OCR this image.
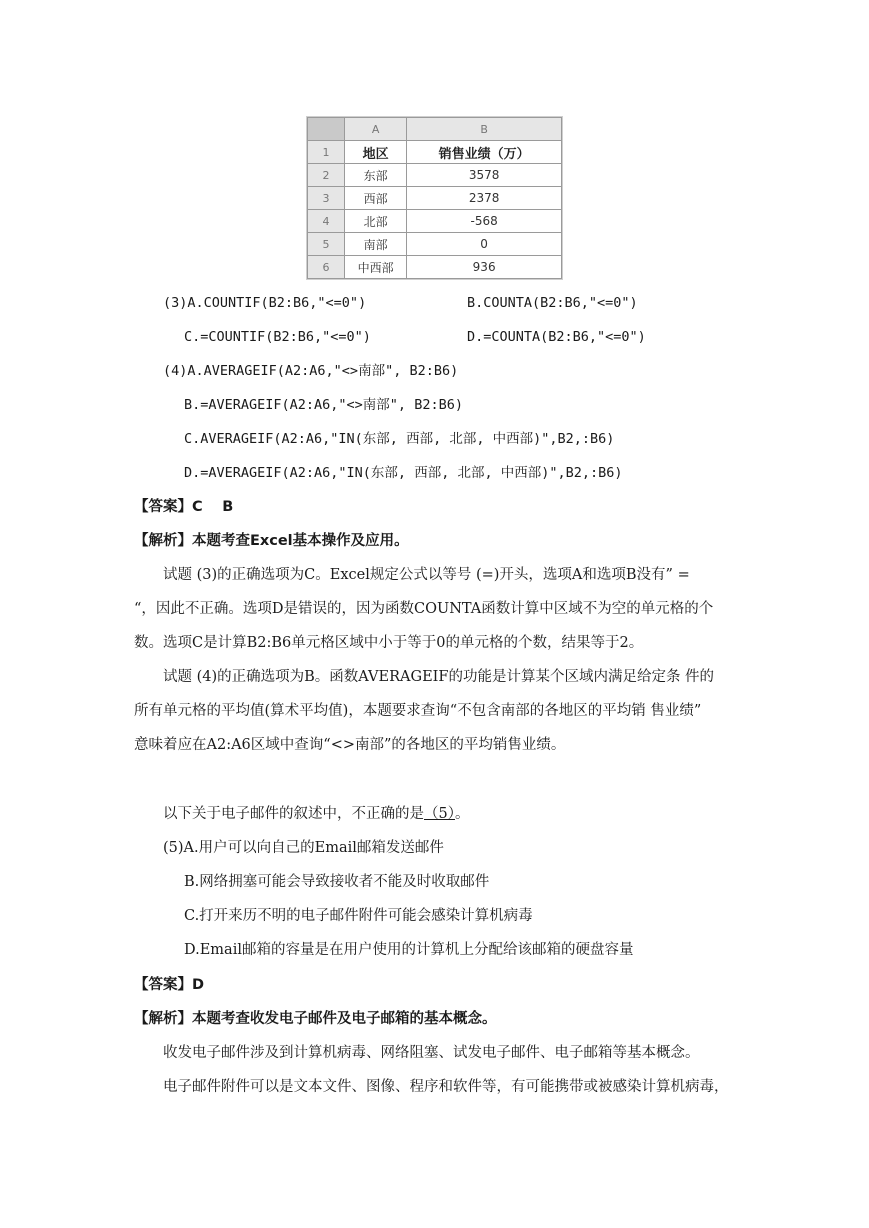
	A	B
1	地区	销售业绩（万）
2	东部	3578
3	西部	2378
4	北部	-568
5	南部	0
6	中西部	936
(3)A.COUNTIF(B2:B6,"<=0")	B.COUNTA(B2:B6,"<=0")
C.=COUNTIF(B2:B6,"<=0")	D.=COUNTA(B2:B6,"<=0")
(4)A.AVERAGEIF(A2:A6,"<>南部", B2:B6)
B.=AVERAGEIF(A2:A6,"<>南部", B2:B6)
C.AVERAGEIF(A2:A6,"IN(东部, 西部, 北部, 中西部)",B2,:B6)
D.=AVERAGEIF(A2:A6,"IN(东部, 西部, 北部, 中西部)",B2,:B6)
【答案】C　 B
【解析】本题考查Excel基本操作及应用。
试题 (3)的正确选项为C。Excel规定公式以等号 (=)开头，选项A和选项B没有” =
“，因此不正确。选项D是错误的，因为函数COUNTA函数计算中区域不为空的单元格的个
数。选项C是计算B2:B6单元格区域中小于等于0的单元格的个数，结果等于2。
试题 (4)的正确选项为B。函数AVERAGEIF的功能是计算某个区域内满足给定条 件的
所有单元格的平均值(算术平均值)，本题要求查询“不包含南部的各地区的平均销 售业绩”
意味着应在A2:A6区域中查询“<>南部”的各地区的平均销售业绩。
以下关于电子邮件的叙述中，不正确的是（5）。
(5)A.用户可以向自己的Email邮箱发送邮件
B.网络拥塞可能会导致接收者不能及时收取邮件
C.打开来历不明的电子邮件附件可能会感染计算机病毒
D.Email邮箱的容量是在用户使用的计算机上分配给该邮箱的硬盘容量
【答案】D
【解析】本题考查收发电子邮件及电子邮箱的基本概念。
收发电子邮件涉及到计算机病毒、网络阻塞、试发电子邮件、电子邮箱等基本概念。
电子邮件附件可以是文本文件、图像、程序和软件等，有可能携带或被感染计算机病毒，
